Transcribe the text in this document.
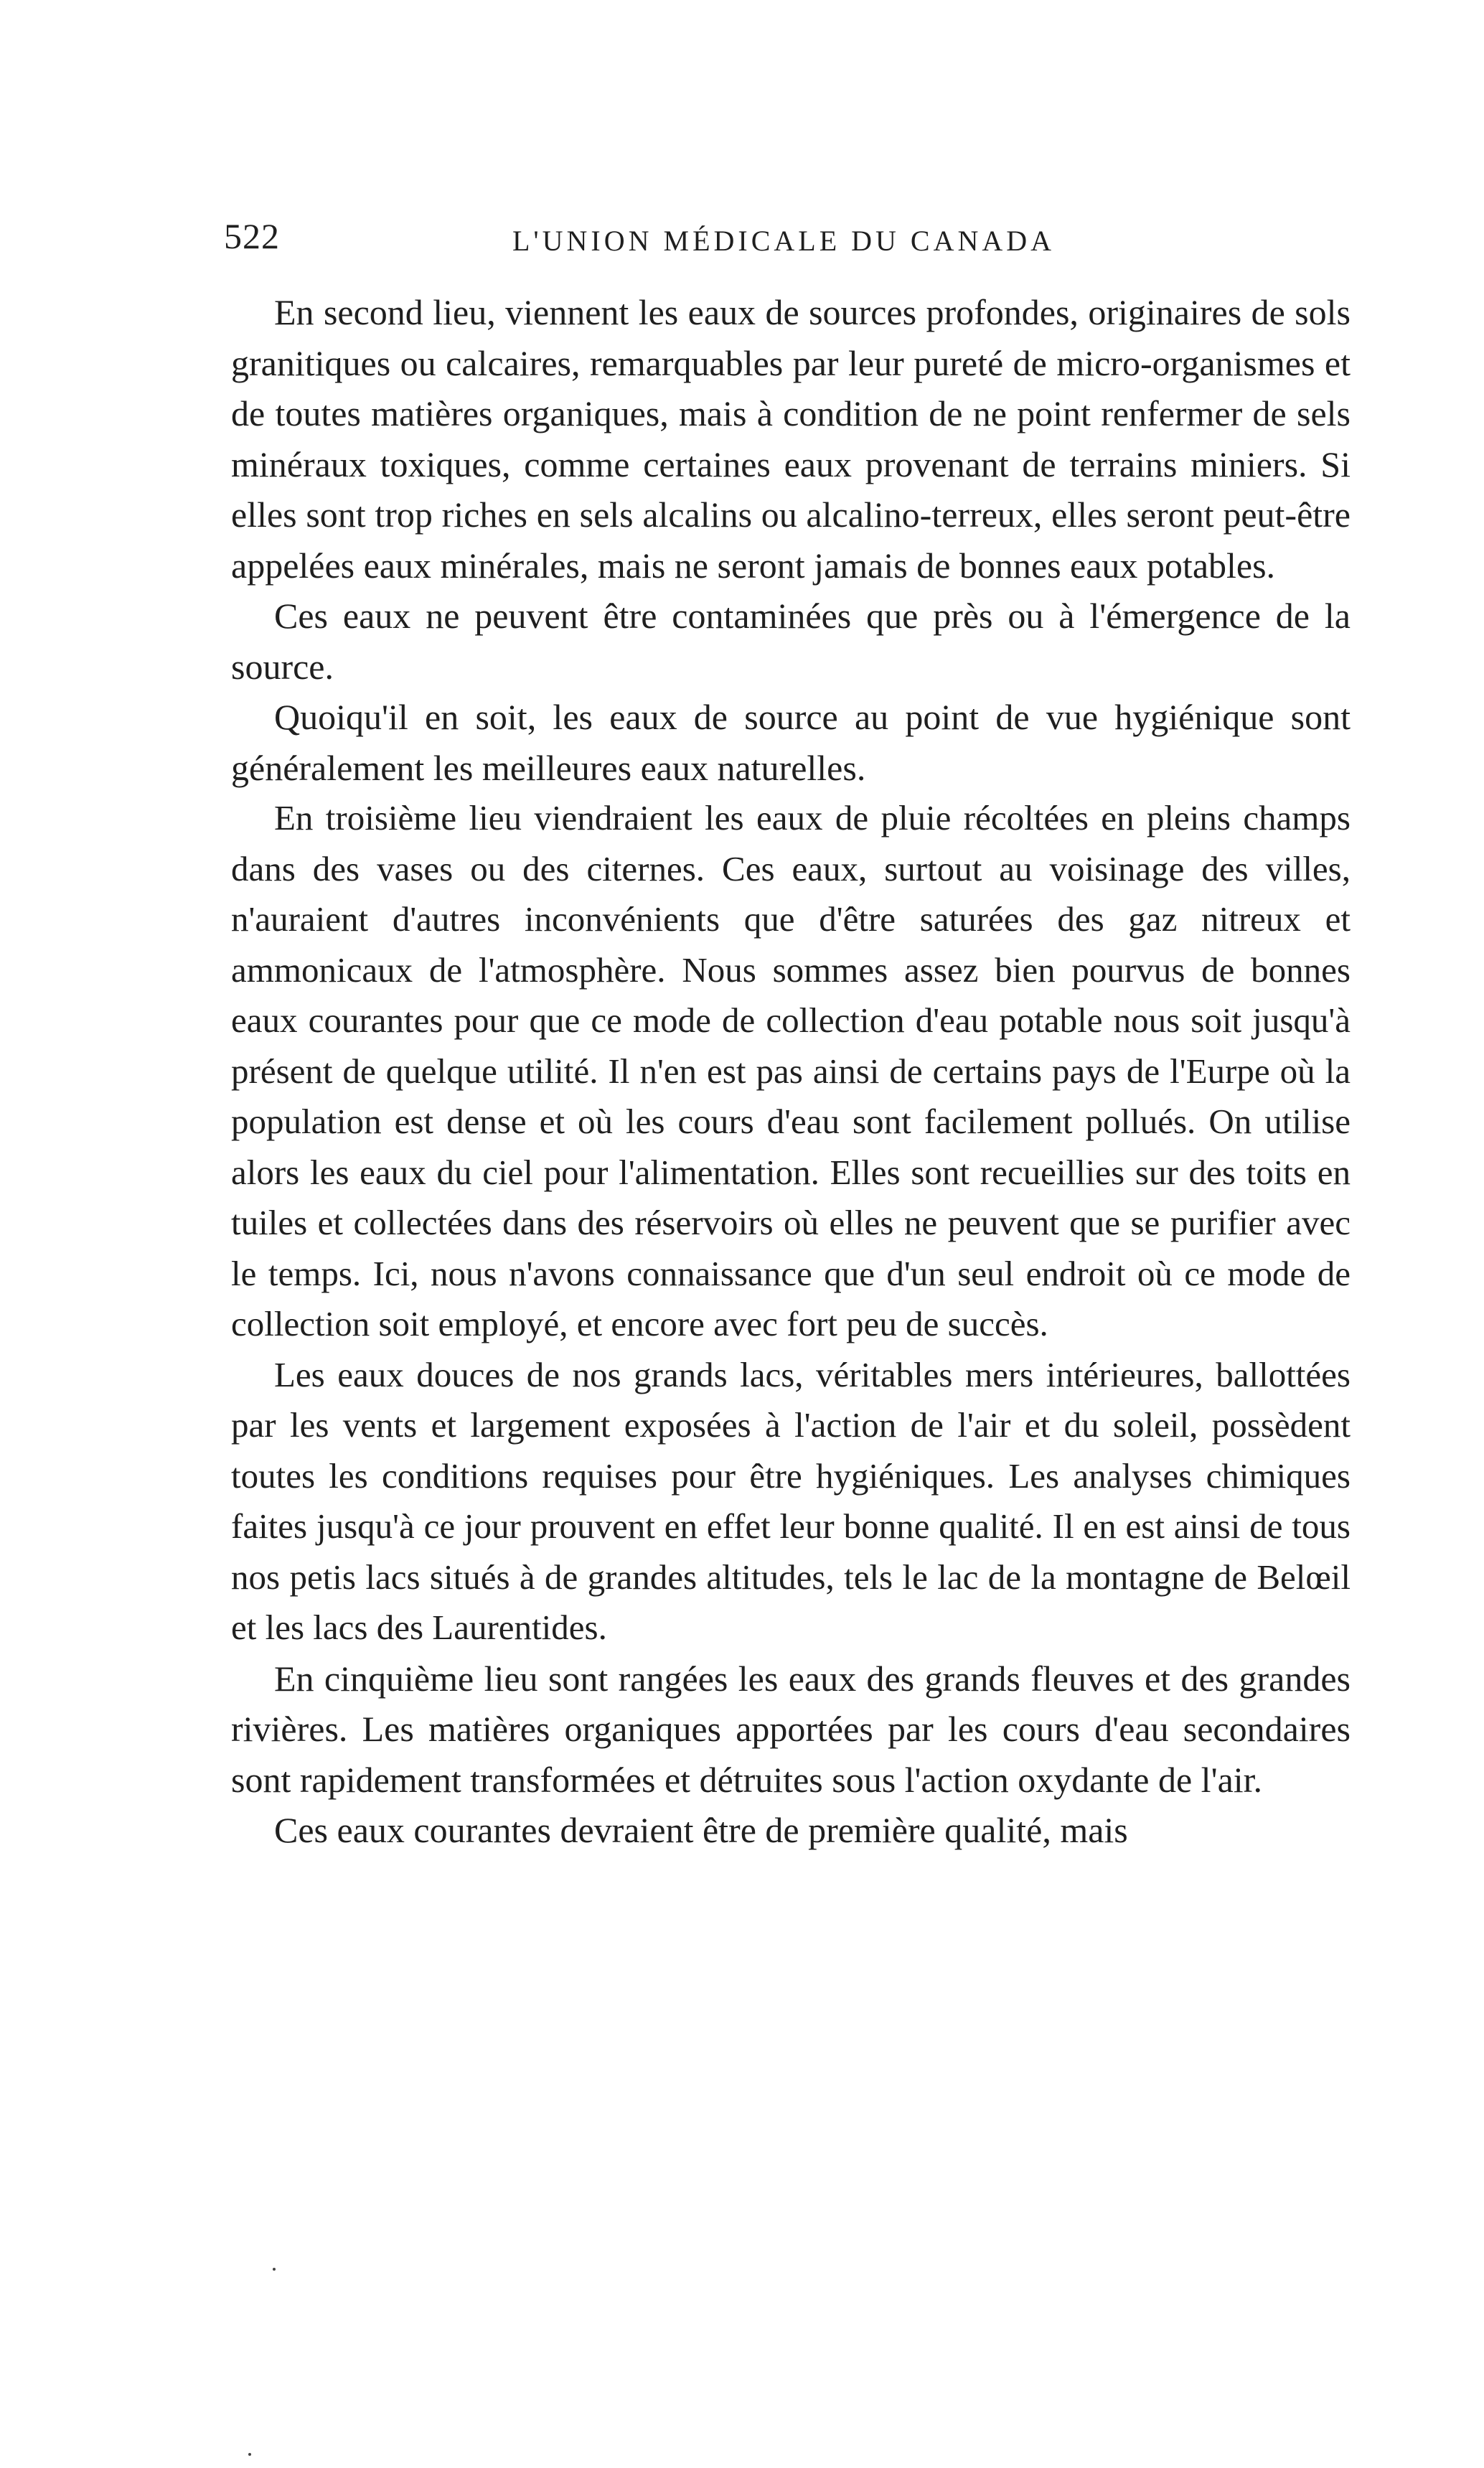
522	L'UNION MÉDICALE DU CANADA

En second lieu, viennent les eaux de sources profondes, originaires de sols granitiques ou calcaires, remarquables par leur pureté de micro-organismes et de toutes matières organiques, mais à condition de ne point renfermer de sels minéraux toxiques, comme certaines eaux provenant de terrains miniers. Si elles sont trop riches en sels alcalins ou alcalino-terreux, elles seront peut-être appelées eaux minérales, mais ne seront jamais de bonnes eaux potables.

Ces eaux ne peuvent être contaminées que près ou à l'émergence de la source.

Quoiqu'il en soit, les eaux de source au point de vue hygiénique sont généralement les meilleures eaux naturelles.

En troisième lieu viendraient les eaux de pluie récoltées en pleins champs dans des vases ou des citernes. Ces eaux, surtout au voisinage des villes, n'auraient d'autres inconvénients que d'être saturées des gaz nitreux et ammonicaux de l'atmosphère. Nous sommes assez bien pourvus de bonnes eaux courantes pour que ce mode de collection d'eau potable nous soit jusqu'à présent de quelque utilité. Il n'en est pas ainsi de certains pays de l'Eurpe où la population est dense et où les cours d'eau sont facilement pollués. On utilise alors les eaux du ciel pour l'alimentation. Elles sont recueillies sur des toits en tuiles et collectées dans des réservoirs où elles ne peuvent que se purifier avec le temps. Ici, nous n'avons connaissance que d'un seul endroit où ce mode de collection soit employé, et encore avec fort peu de succès.

Les eaux douces de nos grands lacs, véritables mers intérieures, ballottées par les vents et largement exposées à l'action de l'air et du soleil, possèdent toutes les conditions requises pour être hygiéniques. Les analyses chimiques faites jusqu'à ce jour prouvent en effet leur bonne qualité. Il en est ainsi de tous nos petis lacs situés à de grandes altitudes, tels le lac de la montagne de Belœil et les lacs des Laurentides.

En cinquième lieu sont rangées les eaux des grands fleuves et des grandes rivières. Les matières organiques apportées par les cours d'eau secondaires sont rapidement transformées et détruites sous l'action oxydante de l'air.

Ces eaux courantes devraient être de première qualité, mais
